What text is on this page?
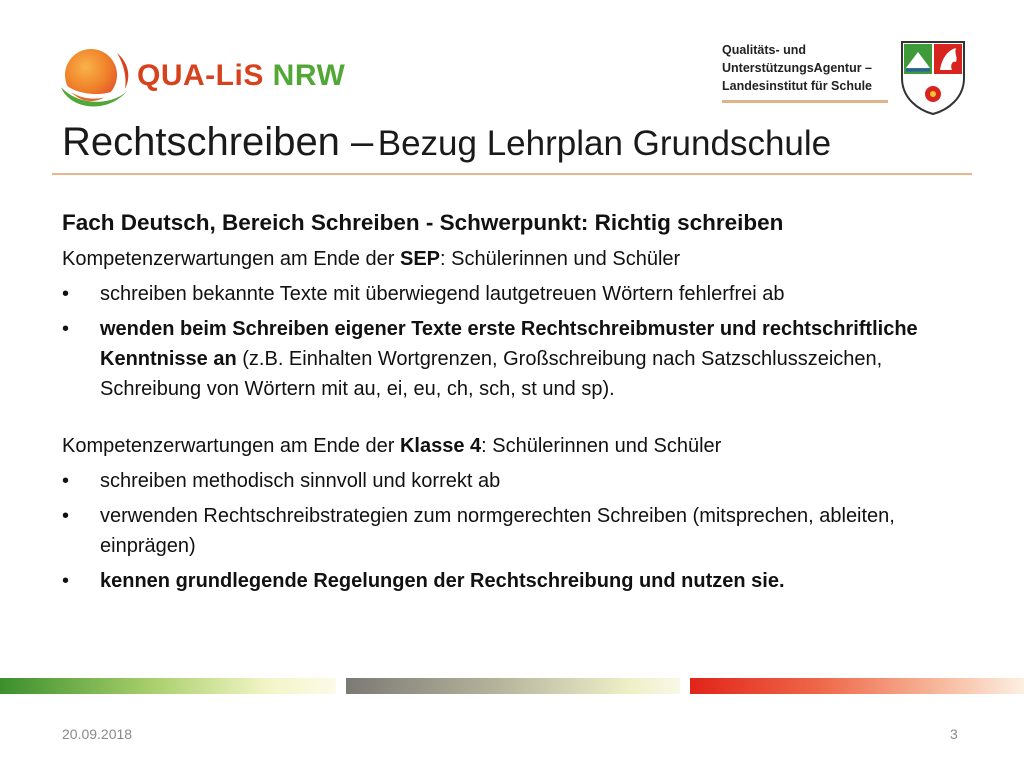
QUA-LiS NRW
Qualitäts- und
UnterstützungsAgentur –
Landesinstitut für Schule
Rechtschreiben – Bezug Lehrplan Grundschule
Fach Deutsch, Bereich Schreiben - Schwerpunkt: Richtig schreiben

Kompetenzerwartungen am Ende der SEP: Schülerinnen und Schüler

• schreiben bekannte Texte mit überwiegend lautgetreuen Wörtern fehlerfrei ab
• wenden beim Schreiben eigener Texte erste Rechtschreibmuster und rechtschriftliche Kenntnisse an (z.B. Einhalten Wortgrenzen, Großschreibung nach Satzschlusszeichen, Schreibung von Wörtern mit au, ei, eu, ch, sch, st und sp).

Kompetenzerwartungen am Ende der Klasse 4: Schülerinnen und Schüler

• schreiben methodisch sinnvoll und korrekt ab
• verwenden Rechtschreibstrategien zum normgerechten Schreiben (mitsprechen, ableiten, einprägen)
• kennen grundlegende Regelungen der Rechtschreibung und nutzen sie.
20.09.2018	3
